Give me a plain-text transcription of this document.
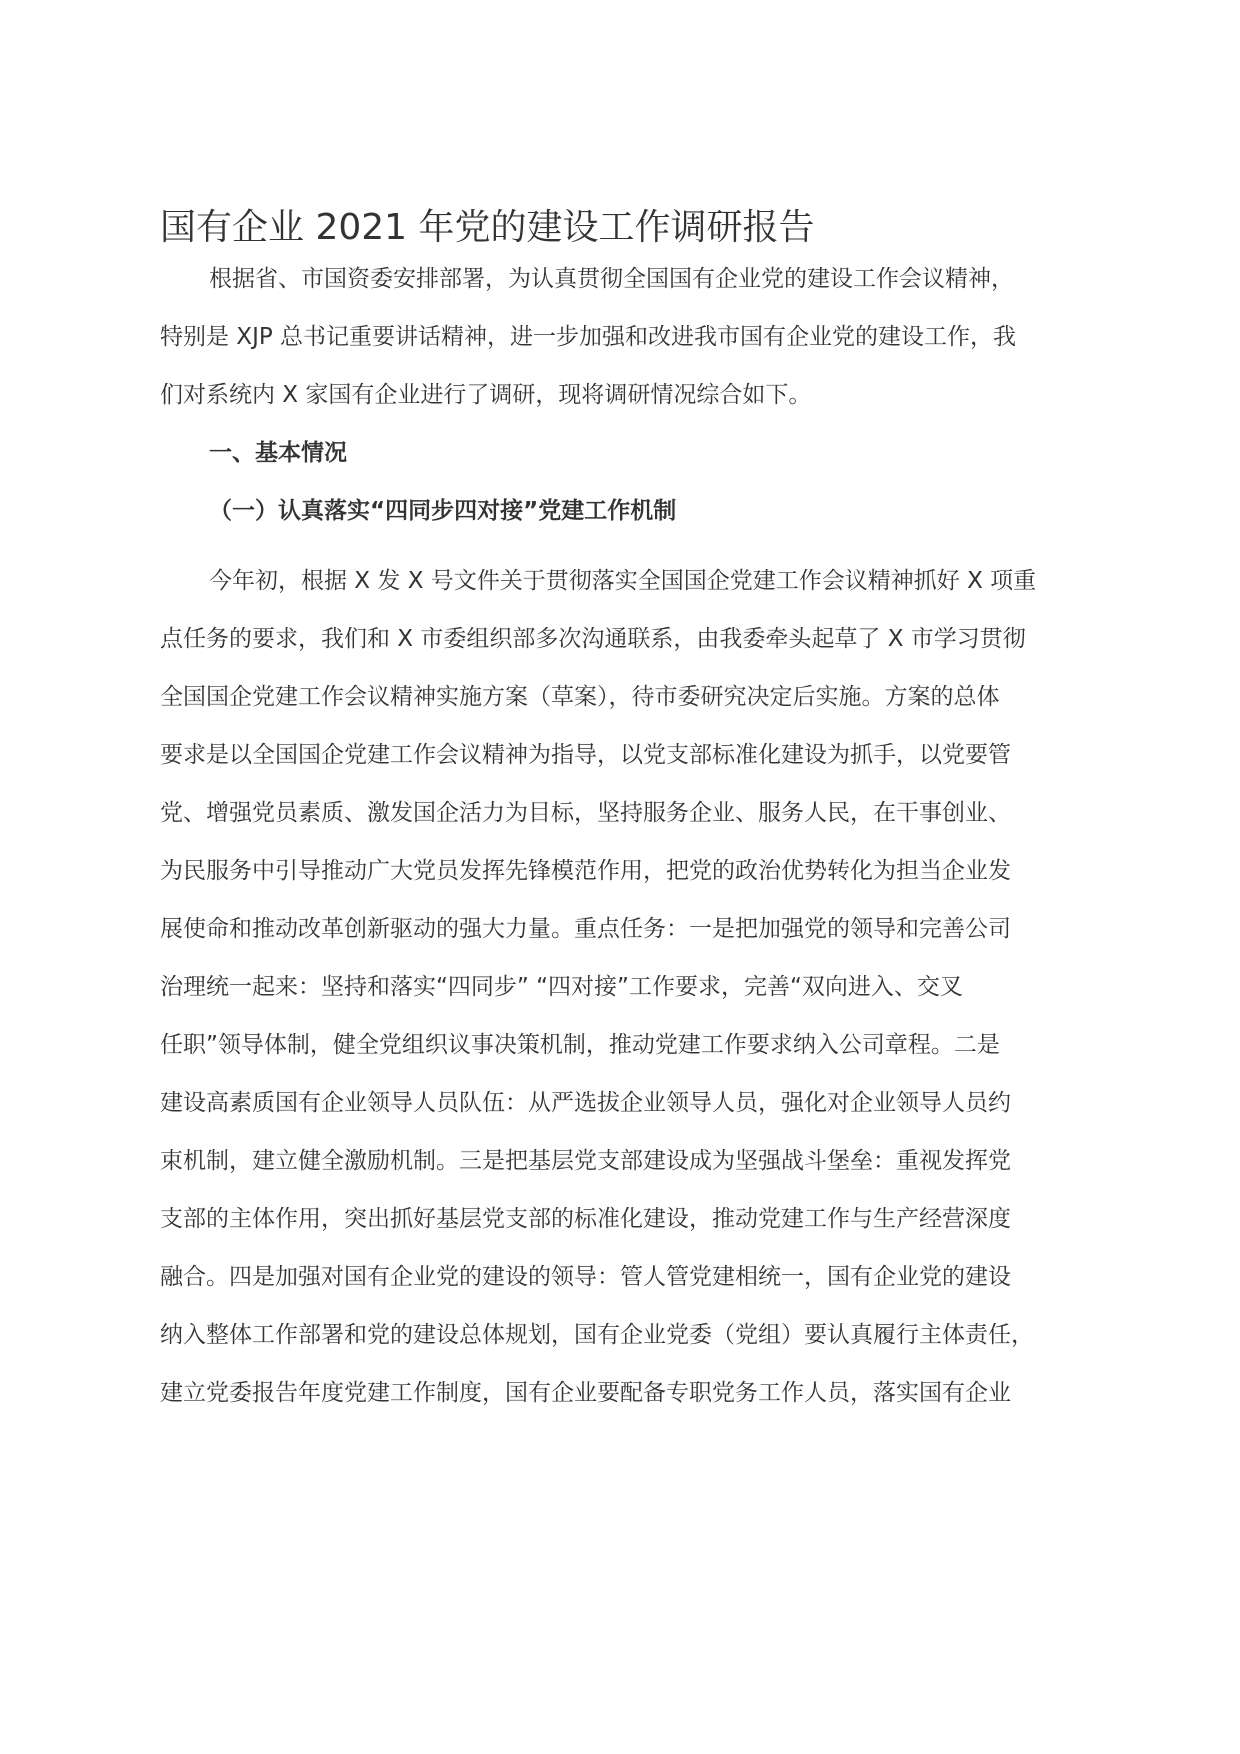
国有企业 2021 年党的建设工作调研报告
根据省、市国资委安排部署，为认真贯彻全国国有企业党的建设工作会议精神，
特别是 XJP 总书记重要讲话精神，进一步加强和改进我市国有企业党的建设工作，我
们对系统内 X 家国有企业进行了调研，现将调研情况综合如下。
一、基本情况
（一）认真落实“四同步四对接”党建工作机制
今年初，根据 X 发 X 号文件关于贯彻落实全国国企党建工作会议精神抓好 X 项重
点任务的要求，我们和 X 市委组织部多次沟通联系，由我委牵头起草了 X 市学习贯彻
全国国企党建工作会议精神实施方案（草案），待市委研究决定后实施。方案的总体
要求是以全国国企党建工作会议精神为指导，以党支部标准化建设为抓手，以党要管
党、增强党员素质、激发国企活力为目标，坚持服务企业、服务人民，在干事创业、
为民服务中引导推动广大党员发挥先锋模范作用，把党的政治优势转化为担当企业发
展使命和推动改革创新驱动的强大力量。重点任务：一是把加强党的领导和完善公司
治理统一起来：坚持和落实“四同步” “四对接”工作要求，完善“双向进入、交叉
任职”领导体制，健全党组织议事决策机制，推动党建工作要求纳入公司章程。二是
建设高素质国有企业领导人员队伍：从严选拔企业领导人员，强化对企业领导人员约
束机制，建立健全激励机制。三是把基层党支部建设成为坚强战斗堡垒：重视发挥党
支部的主体作用，突出抓好基层党支部的标准化建设，推动党建工作与生产经营深度
融合。四是加强对国有企业党的建设的领导：管人管党建相统一，国有企业党的建设
纳入整体工作部署和党的建设总体规划，国有企业党委（党组）要认真履行主体责任，
建立党委报告年度党建工作制度，国有企业要配备专职党务工作人员，落实国有企业
